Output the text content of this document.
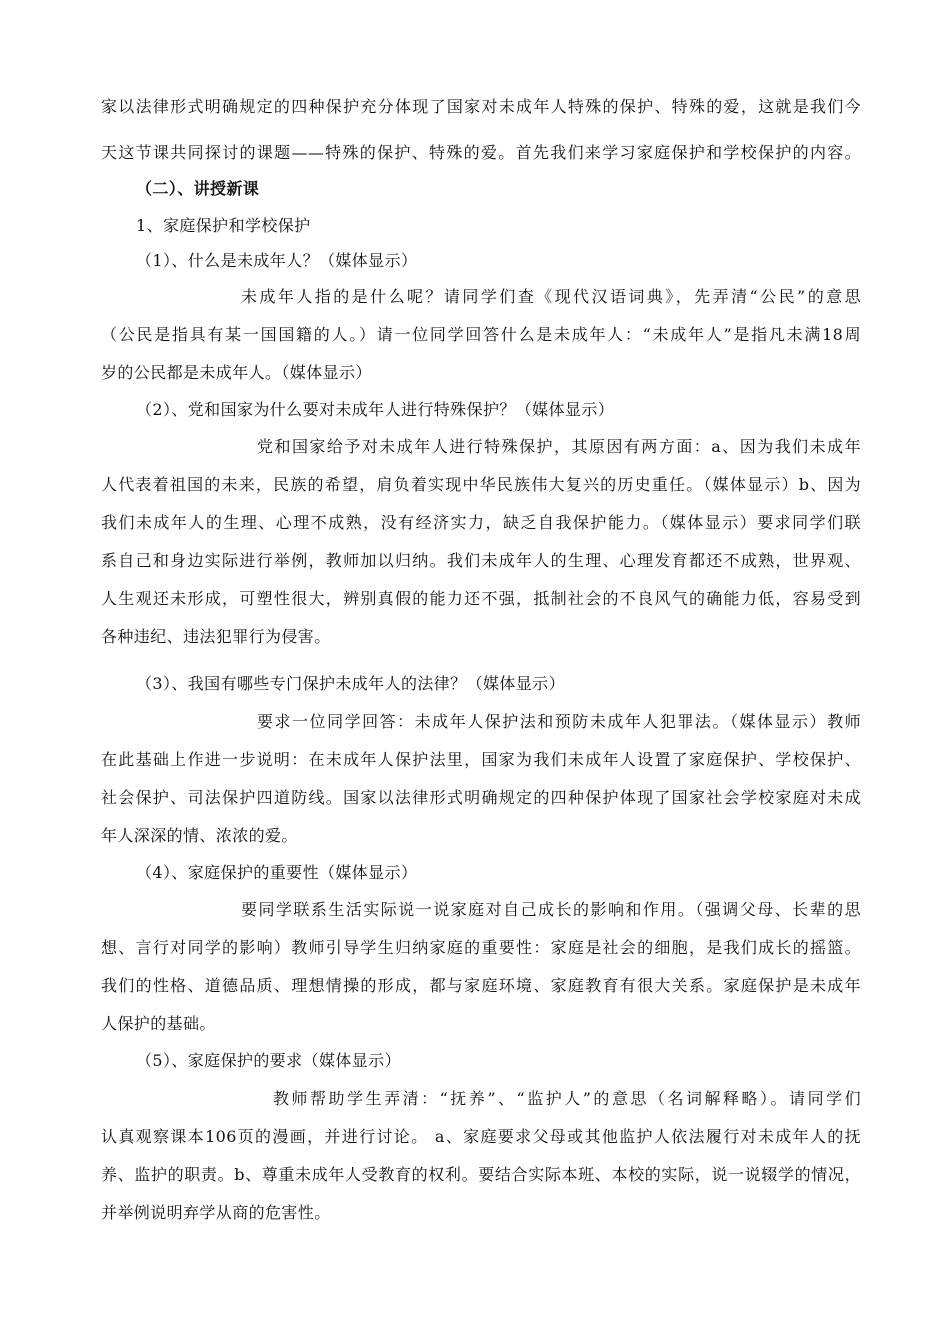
家以法律形式明确规定的四种保护充分体现了国家对未成年人特殊的保护、特殊的爱，这就是我们今
天这节课共同探讨的课题——特殊的保护、特殊的爱。首先我们来学习家庭保护和学校保护的内容。
（二）、讲授新课
1、家庭保护和学校保护
（1）、什么是未成年人？（媒体显示）
未成年人指的是什么呢？请同学们查《现代汉语词典》，先弄清“公民”的意思
（公民是指具有某一国国籍的人。）请一位同学回答什么是未成年人：“未成年人”是指凡未满18周
岁的公民都是未成年人。（媒体显示）
（2）、党和国家为什么要对未成年人进行特殊保护？（媒体显示）
党和国家给予对未成年人进行特殊保护，其原因有两方面：a、因为我们未成年
人代表着祖国的未来，民族的希望，肩负着实现中华民族伟大复兴的历史重任。（媒体显示）b、因为
我们未成年人的生理、心理不成熟，没有经济实力，缺乏自我保护能力。（媒体显示）要求同学们联
系自己和身边实际进行举例，教师加以归纳。我们未成年人的生理、心理发育都还不成熟，世界观、
人生观还未形成，可塑性很大，辨别真假的能力还不强，抵制社会的不良风气的确能力低，容易受到
各种违纪、违法犯罪行为侵害。
（3）、我国有哪些专门保护未成年人的法律？（媒体显示）
要求一位同学回答：未成年人保护法和预防未成年人犯罪法。（媒体显示）教师
在此基础上作进一步说明：在未成年人保护法里，国家为我们未成年人设置了家庭保护、学校保护、
社会保护、司法保护四道防线。国家以法律形式明确规定的四种保护体现了国家社会学校家庭对未成
年人深深的情、浓浓的爱。
（4）、家庭保护的重要性（媒体显示）
要同学联系生活实际说一说家庭对自己成长的影响和作用。（强调父母、长辈的思
想、言行对同学的影响）教师引导学生归纳家庭的重要性：家庭是社会的细胞，是我们成长的摇篮。
我们的性格、道德品质、理想情操的形成，都与家庭环境、家庭教育有很大关系。家庭保护是未成年
人保护的基础。
（5）、家庭保护的要求（媒体显示）
教师帮助学生弄清：“抚养”、“监护人”的意思（名词解释略）。请同学们
认真观察课本106页的漫画，并进行讨论。 a、家庭要求父母或其他监护人依法履行对未成年人的抚
养、监护的职责。b、尊重未成年人受教育的权利。要结合实际本班、本校的实际，说一说辍学的情况，
并举例说明弃学从商的危害性。
